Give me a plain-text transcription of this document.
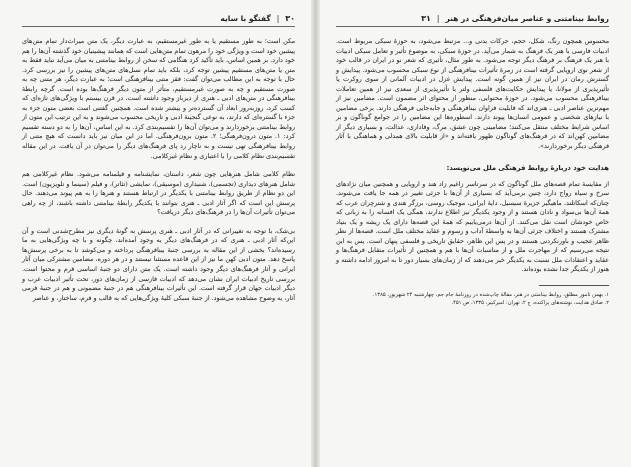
۳۰
|
گفتگو با سایه

مکن است؛ به طور مستقیم یا به طور غیرمستقیم، به عبارت دیگر، یک متن میراث‌دار تمام متن‌های پیشین خود است و ویژگی خود را مرهون تمام متن‌هایی است که همانند پیشینیان خود گذشته آن‌ها را هم خود دارد. بر همین اساس، باید تأکید کرد هنگامی که سخن از روابط بینامتنی به میان می‌آید نباید فقط به متن یا متن‌های مستقیم پیشین توجه کرد، بلکه باید تمام نسل‌های متن‌های پیشین را نیز بررسی کرد. حال با توجه به این مطالب می‌توان گفت: فقر متنی بینافرهنگی است؛ به عبارت دیگر، هر متنی چه به صورت مستقیم و چه به صورت غیرمستقیم، متأثر از متون دیگر فرهنگ‌ها بوده است. گرچه رابطهٔ بینافرهنگی در متن‌های ادبی ـ هنری از دیرباز وجود داشته است، در قرن بیستم با ویژگی‌های تازه‌ای که کسب کرد، روزبه‌روز ابعاد آن گسترده‌تر و بیشتر شده است. همچنین گفتنی است بعضی متون جزء به جزء با گستره‌ای که دارند، به نوعی گنجینهٔ ادبی و تاریخی محسوب می‌شوند و به این ترتیب این متون از روابط بینامتنی برخوردارند و می‌توان آن‌ها را تقسیم‌بندی کرد. به این اساس، آن‌ها را به دو دسته تقسیم کرد: ۱. متون درون‌فرهنگی؛ ۲. متون برون‌فرهنگی. اما در این میان نیز باید دانست که هیچ متنی از روابط بینافرهنگی تهی نیست و به ناچار رد پای فرهنگ‌های دیگر را می‌توان در آن یافت. در این مقاله تقسیم‌بندی نظام کلامی را با اعتباری و نظام غیرکلامی.

نظام کلامی شامل هنرهایی چون شعر، داستان، نمایشنامه و فیلمنامه می‌شود. نظام غیرکلامی هم شامل هنرهای دیداری (تجسمی)، شنیداری (موسیقی)، نمایشی (تئاتر)، و فیلم (سینما و تلویزیون) است. این دو نظام از طریق روابط بینامتنی با یکدیگر در ارتباط هستند و هنرها را به هم پیوند می‌دهند. حال پرسش این است که اگر آثار ادبی ـ هنری بتوانند با یکدیگر رابطهٔ بینامتنی داشته باشند، از چه راهی می‌توان تأثیرات آن‌ها را در فرهنگ‌های دیگر دریافت؟

بی‌شک، با توجه به تغییراتی که در آثار ادبی ـ هنری پرسش به گونهٔ دیگری نیز مطرح‌شدنی است و آن این‌که آثار ادبی ـ هنری که در فرهنگ‌های دیگر به وجود آمده‌اند، چگونه و با چه ویژگی‌هایی به ما رسیده‌اند؟ بخشی از این مقاله به بررسی جنبهٔ بینافرهنگی پرداخته و می‌کوشد تا به برخی پرسش‌ها پاسخ دهد. متون ادبی کهن ما نیز از این قاعده مستثنا نیستند و در هر دوره، مضامین مشترکی میان آثار ایرانی و آثار فرهنگ‌های دیگر وجود داشته است. یک متن دارای دو جنبهٔ اساسی فرم و محتوا است. بررسی تاریخ ادبیات ایران نشان می‌دهد که ادبیات فارسی از زمان‌های دور، تحت تأثیر ادبیات عرب و دیگر ادبیات جهان قرار گرفته است. این تأثیرات بینافرهنگی هم در جنبهٔ مضمونی و هم در جنبهٔ فرمی آثار، به وضوح مشاهده می‌شود. از جنبهٔ سبکی کلیهٔ ویژگی‌هایی که به قالب و فرم، ساختار، و عناصر

روابط بینامتنی و عناصر میان‌فرهنگی در هنر
|
۳۱

محسوس همچون رنگ، شکل، حجم، حرکات بدنی و... مرتبط می‌شود، به حوزهٔ سبکی مربوط است. ادبیات فارسی با هنر یک فرهنگ به شمار می‌آید. در حوزهٔ سبکی، به موضوع تأثیر و تعامل سبکی ادبیات با هنر یک فرهنگ بر فرهنگ دیگر توجه می‌شود. به طور مثال، تأثیری که شعر نو در ایران در قالب خود از شعر نوی اروپایی گرفته است در زمرهٔ تأثیرات بینافرهنگی از نوع سبکی محسوب می‌شود. پیدایش و گسترش رمان در ایران نیز از همین گونه است. پیدایش غزل در ادبیات آلمانی از سوی روکرت یا تأثیرپذیری از مولانا، یا پیدایش حکایت‌های فلسفی ولتر با تأثیرپذیری از سعدی نیز از همین تعاملات بینافرهنگی محسوب می‌شود. در حوزهٔ محتوایی، منظور از محتوای اثر مضمون است. مضامین نیز از مهم‌ترین عناصر ادبی ـ هنری‌اند که قابلیت فراوان بینافرهنگی و جابه‌جایی فرهنگی دارند. برخی مضامین با نیازهای شخصی و عمومی انسان‌ها پیوند دارند. اسطوره‌ها این مضامین را در جوامع گوناگون و بر اساس شرایط مختلف منتقل می‌کنند؛ مضامینی چون عشق، مرگ، وفاداری، عدالت، و بسیاری دیگر از مضامین کهن‌اند که در فرهنگ‌های گوناگون ظهور یافته‌اند و «از قابلیت بالای همدلی و هماهنگی با آثار فرهنگی دیگر برخوردارند».

هدایت خود دربارهٔ روابط فرهنگی ملل می‌نویسد:

از مقایسهٔ تمام قصه‌های ملل گوناگون که در سرتاسر زاغیم زاد هند و اروپایی و همچنین میان نژادهای سرخ و سیاه رواج دارد، چنین برمی‌آید که بسیاری از آن‌ها با جزئی تغییر در همه جا یافت می‌شوند. چنان‌که اسکاتلند، ماهیگیر جزیرهٔ سیسیل، دایهٔ ایرانی، موجیک روسی، برزگر هندی و شترچران عرب که همهٔ آن‌ها بی‌سواد و نادان هستند و از وجود یکدیگر نیز اطلاع ندارند، همگی یک افسانه را به زبانی که خاص خودشان است نقل می‌کنند. از آن‌ها درمی‌یابیم که همهٔ این قصه‌ها دارای یک ریشه و یک بنیاد مشترک هستند و اختلاف جزئی آن‌ها به واسطهٔ آداب و رسوم و عقاید مختلف ملل است. قصه‌ها از نظر ظاهر عجیب و باورنکردنی هستند و در پس این ظاهر، حقایق تاریخی و فلسفی پنهان است. پس به این نتیجه می‌رسیم که از مهاجرت ملل و از مناسبات آن‌ها با هم و همچنین از تأثیرات متقابل فرهنگ‌ها و عقاید و اعتقادات ملل نسبت به یکدیگر خبر می‌دهند که از زمان‌های بسیار دور تا به امروز ادامه داشته و هنوز از یکدیگر جدا نشده بوده‌اند.

۱. بهمن نامور مطلق، روابط بینامتنی در هنر، مقالهٔ چاپ‌شده در روزنامهٔ جام جم، چهارشنبه ۲۴ شهریور، ۱۳۸۵.

۲. صادق هدایت، نوشته‌های پراکنده، ج ۲، تهران: امیرکبیر، ۱۳۳۵، ص ۴۵۱.
